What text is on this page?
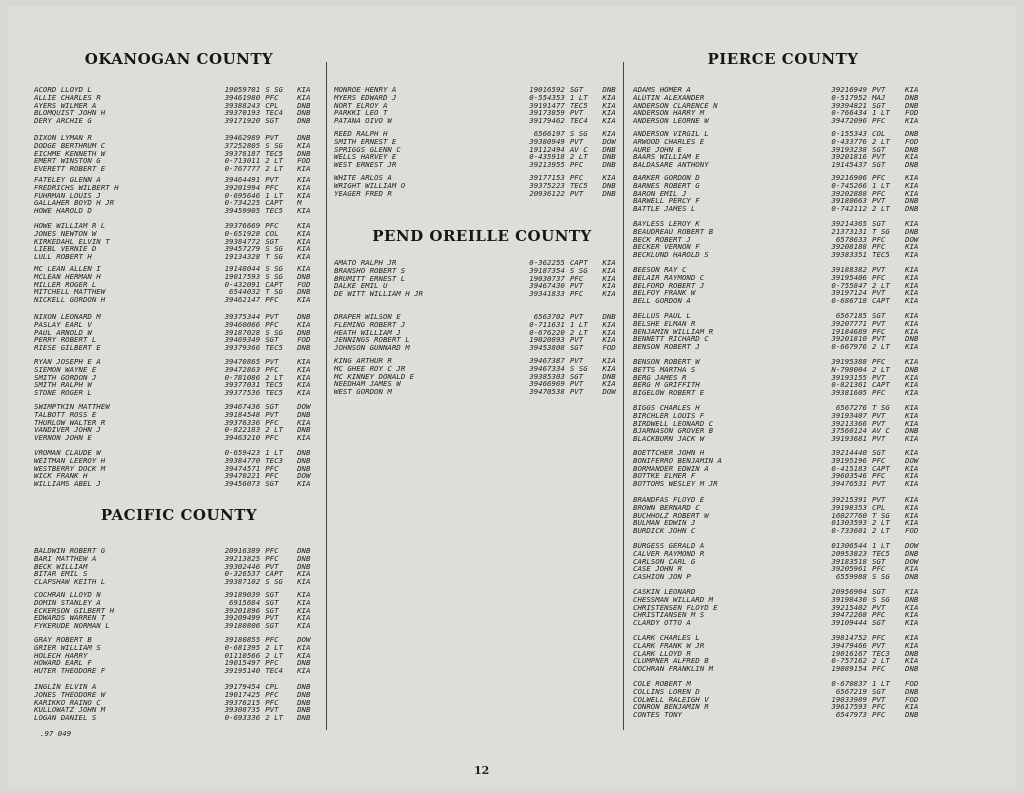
OKANOGAN COUNTY
ACORD LLOYD L	19059701 S SG	KIA
ALLIE CHARLES R	39461980 PFC	KIA
AYERS WILMER A	39388243 CPL	DNB
BLOMQUIST JOHN H	39370193 TEC4	DNB
DERY ARCHIE G	39171920 SGT	DNB
DIXON LYMAN R	39462989 PVT	DNB
DODGE BERTHRUM C	37252805 S SG	KIA
EICHME KENNETH W	39376187 TEC5	DNB
EMERT WINSTON G	0-713011 2 LT	FOD
EVERETT ROBERT E	0-767777 2 LT	KIA
FATELEY GLENN A	39464491 PVT	KIA
FREDRICHS WILBERT H	39201994 PFC	KIA
FUHRMAN LOUIS J	0-695646 1 LT	KIA
GALLAHER BOYD H JR	0-734225 CAPT	M
HOWE HAROLD D	39459905 TEC5	KIA
HOWE WILLIAM R L	39376669 PFC	KIA
JONES NEWTON W	0-651928 COL	KIA
KIRKEDAHL ELVIN T	39384772 SGT	KIA
LIEBL VERNIE D	39457279 S SG	KIA
LULL ROBERT H	19134328 T SG	KIA
MC LEAN ALLEN I	19148044 S SG	KIA
MCLEAN HERMAN H	19017593 S SG	DNB
MILLER ROGER L	0-432091 CAPT	FOD
MITCHELL MATTHEW	6544032 T SG	DNB
NICKELL GORDON H	39462147 PFC	KIA
NIXON LEONARD M	39375344 PVT	DNB
PASLAY EARL V	39460066 PFC	KIA
PAUL ARNOLD W	39187028 S SG	DNB
PERRY ROBERT L	39469349 SGT	FOD
RIESE GILBERT E	39379366 TEC5	DNB
RYAN JOSEPH E A	39470865 PVT	KIA
SIEMON WAYNE E	39472863 PFC	KIA
SMITH GORDON J	0-781086 2 LT	KIA
SMITH RALPH W	39377031 TEC5	KIA
STONE ROGER L	39377536 TEC5	KIA
SWIMPTKIN MATTHEW	39467436 SGT	DOW
TALBOTT ROSS E	39184548 PVT	DNB
THURLOW WALTER R	39376336 PFC	KIA
VANDIVER JOHN J	0-822183 2 LT	DNB
VERNON JOHN E	39463210 PFC	KIA
VROMAN CLAUDE W	0-659423 1 LT	DNB
WEITMAN LEEROY H	39384770 TEC3	DNB
WESTBERRY DOCK M	39474571 PFC	DNB
WICK FRANK H	39470221 PFC	DOW
WILLIAMS ABEL J	39456073 SGT	KIA
PACIFIC COUNTY
BALDWIN ROBERT G	20916389 PFC	DNB
BARI MATTHEW A	39213825 PFC	DNB
BECK WILLIAM	39302446 PVT	DNB
BITAR EMIL S	0-326537 CAPT	KIA
CLAPSHAW KEITH L	39387102 S SG	KIA
COCHRAN LLOYD N	39189039 SGT	KIA
DOMIN STANLEY A	6915684 SGT	KIA
ECKERSON GILBERT H	39201896 SGT	KIA
EDWARDS WARREN T	39209499 PVT	KIA
FYKERUDE NORMAN L	39180806 SGT	KIA
GRAY ROBERT B	39180855 PFC	DOW
GRIER WILLIAM S	0-681395 2 LT	KIA
HOLECH HARRY	01110566 2 LT	KIA
HOWARD EARL F	19015497 PFC	DNB
HUTER THEODORE F	39195140 TEC4	KIA
INGLIN ELVIN A	39179454 CPL	DNB
JONES THEODORE W	19017425 PFC	DNB
KARIKKO RAINO C	39376215 PFC	DNB
KULLOWATZ JOHN M	39308735 PVT	DNB
LOGAN DANIEL S	0-693336 2 LT	DNB
MONROE HENRY A	19016592 SGT	DNB
MYERS EDWARD J	0-554353 1 LT	KIA
NORT ELROY A	39191477 TEC5	KIA
PARKKI LEO T	39173859 PVT	KIA
PATANA OIVO W	39179462 TEC4	KIA
REED RALPH H	6566197 S SG	KIA
SMITH ERNEST E	39380949 PVT	DOW
SPRIGGS GLENN C	19112494 AV C	DNB
WELLS HARVEY E	0-435918 2 LT	DNB
WEST ERNEST JR	39213955 PFC	DNB
WHITE ARLOS A	39177153 PFC	KIA
WRIGHT WILLIAM O	39375223 TEC5	DNB
YEAGER FRED R	20936122 PVT	DNB
PEND OREILLE COUNTY
AMATO RALPH JR	0-362255 CAPT	KIA
BRANSHO ROBERT S	39187354 S SG	KIA
BRUMITT ERNEST L	19030737 PFC	KIA
DALKE EMIL U	39467430 PVT	KIA
DE WITT WILLIAM H JR	39341833 PFC	KIA
DRAPER WILSON E	6563702 PVT	DNB
FLEMING ROBERT J	0-711631 1 LT	KIA
HEATH WILLIAM J	0-676220 2 LT	KIA
JENNINGS ROBERT L	19020893 PVT	KIA
JOHNSON GUNNARD M	39453808 SGT	FOD
KING ARTHUR R	39467387 PVT	KIA
MC GHEE ROY C JR	39467334 S SG	KIA
MC KINNEY DONALD E	39385303 SGT	DNB
NEEDHAM JAMES W	39466969 PVT	KIA
WEST GORDON M	39470538 PVT	DOW
PIERCE COUNTY
ADAMS HOMER A	39216949 PVT	KIA
ALUTIN ALEXANDER	0-517952 MAJ	DNB
ANDERSON CLARENCE N	39394821 SGT	DNB
ANDERSON HARRY M	0-766434 1 LT	FOD
ANDERSON LEORNE W	39472096 PFC	KIA
ANDERSON VIRGIL L	0-155343 COL	DNB
ARWOOD CHARLES E	0-433776 2 LT	FOD
AURE JOHN E	39193238 SGT	DNB
BAARS WILLIAM E	39201816 PVT	KIA
BALDASARE ANTHONY	19145437 SGT	DNB
BARKER GORDON D	39216906 PFC	KIA
BARNES ROBERT G	0-745266 1 LT	KIA
BARON EMIL J	39202888 PFC	KIA
BARWELL PERCY F	39180663 PVT	DNB
BATTLE JAMES L	0-742112 2 LT	DNB
BAYLESS LEROY K	39214365 SGT	KIA
BEAUDREAU ROBERT B	21373131 T SG	DNB
BECK ROBERT J	6578633 PFC	DOW
BECKER VERNON F	39208188 PFC	KIA
BECKLUND HAROLD S	39383351 TEC5	KIA
BEESON RAY C	39188382 PVT	KIA
BELAIR RAYMOND C	39195406 PFC	KIA
BELFORD ROBERT J	0-755847 2 LT	KIA
BELFOY FRANK W	39197124 PVT	KIA
BELL GORDON A	0-686718 CAPT	KIA
BELLUS PAUL L	6567185 SGT	KIA
BELSHE ELMAN R	39207771 PVT	KIA
BENJAMIN WILLIAM R	19184689 PFC	KIA
BENNETT RICHARD C	39201810 PVT	DNB
BENSON ROBERT J	0-667976 2 LT	KIA
BENSON ROBERT W	39195388 PFC	KIA
BETTS MARTHA S	N-798004 2 LT	DNB
BERG JAMES R	39193155 PVT	KIA
BERG M GRIFFITH	0-821361 CAPT	KIA
BIGELOW ROBERT E	39381605 PFC	KIA
BIGGS CHARLES H	6567276 T SG	KIA
BIRCHLER LOUIS F	39193407 PVT	KIA
BIRDWELL LEONARD C	39213366 PVT	KIA
BJARNASON GROVER B	37560124 AV C	DNB
BLACKBURN JACK W	39193681 PVT	KIA
BOETTCHER JOHN H	39214440 SGT	KIA
BONIFERRO BENJAMIN A	39195196 PFC	DOW
BORMANDER EDWIN A	0-415183 CAPT	KIA
BOTTKE ELMER F	39603546 PFC	KIA
BOTTOMS WESLEY M JR	39476531 PVT	KIA
BRANDFAS FLOYD E	39215391 PVT	KIA
BROWN BERNARD C	39198353 CPL	KIA
BUCHHOLZ ROBERT W	16027760 T SG	KIA
BULMAN EDWIN J	01303593 2 LT	KIA
BURDICK JOHN C	0-733601 2 LT	FOD
BURGESS GERALD A	01306544 1 LT	DOW
CALVER RAYMOND R	20953823 TEC5	DNB
CARLSON CARL G	39183518 SGT	DOW
CASE JOHN R	39205961 PFC	KIA
CASHION JON P	6559988 S SG	DNB
CASKIN LEONARD	20956904 SGT	KIA
CHESSMAN WILLARD M	39198430 S SG	DNB
CHRISTENSEN FLOYD E	39215402 PVT	KIA
CHRISTIANSEN M S	39472268 PFC	KIA
CLARDY OTTO A	39109444 SGT	KIA
CLARK CHARLES L	39814752 PFC	KIA
CLARK FRANK W JR	39479466 PVT	KIA
CLARK LLOYD R	19016167 TEC3	DNB
CLUMPNER ALFRED B	0-757162 2 LT	KIA
COCHRAN FRANKLIN M	19089154 PFC	DNB
COLE ROBERT M	0-670837 1 LT	FOD
COLLINS LOREN D	6567219 SGT	DNB
COLWELL RALEIGH V	19033989 PVT	FOD
CONRON BENJAMIN R	39617593 PFC	KIA
CONTES TONY	6547973 PFC	DNB
.97 049
12
